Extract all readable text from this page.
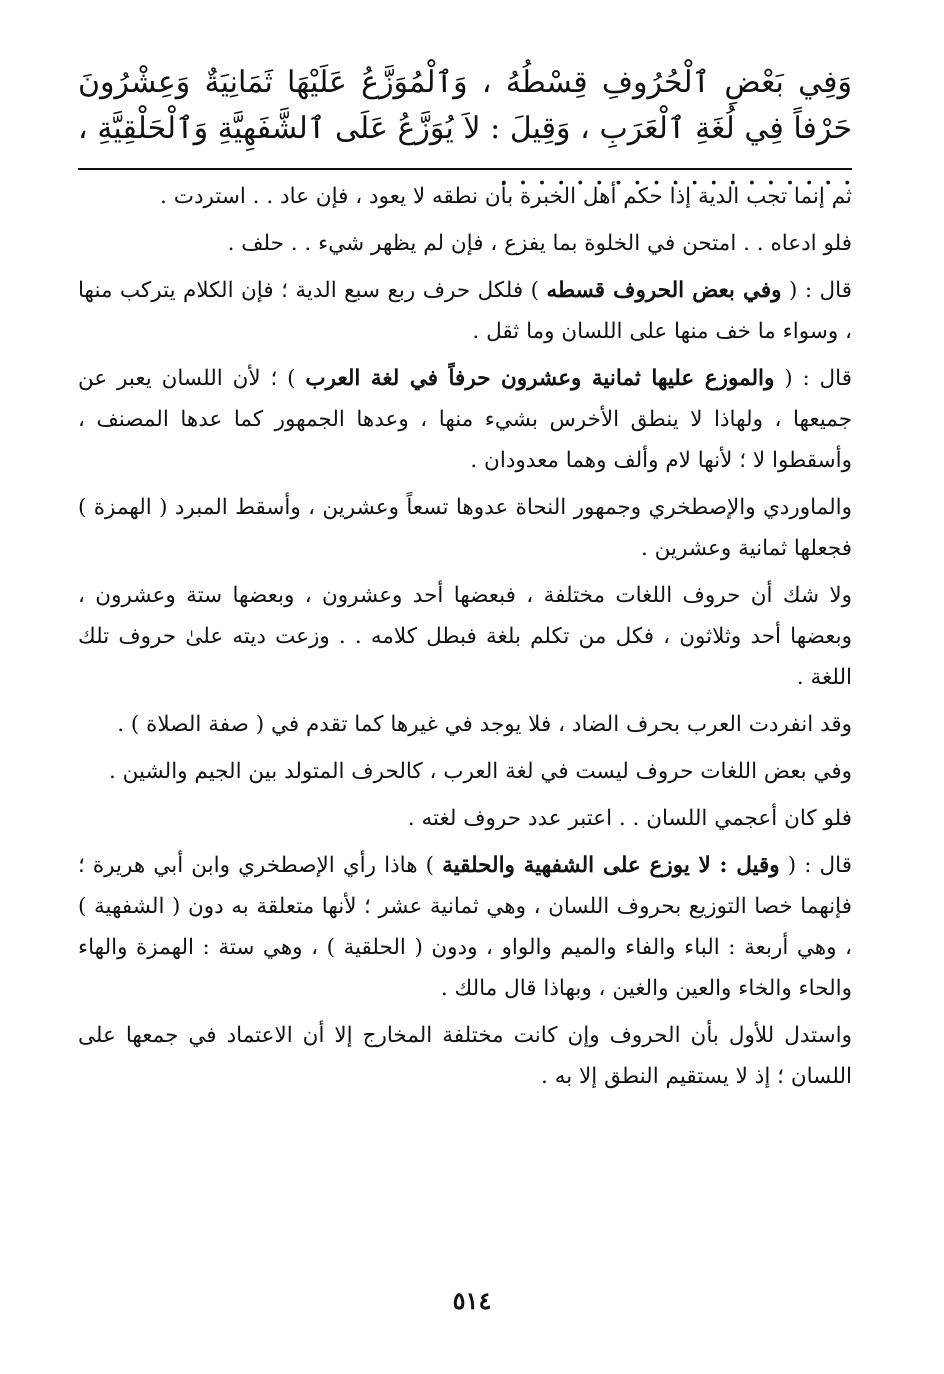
وَفِي بَعْضِ ٱلْحُرُوفِ قِسْطُهُ ، وَٱلْمُوَزَّعُ عَلَيْهَا ثَمَانِيَةٌ وَعِشْرُونَ حَرْفاً فِي لُغَةِ ٱلْعَرَبِ ، وَقِيلَ : لاَ يُوَزَّعُ عَلَى ٱلشَّفَهِيَّةِ وَٱلْحَلْقِيَّةِ ، . . . . . . . . . . . . . . . . . . .

ثم إنما تجب الدية إذا حكم أهل الخبرة بأن نطقه لا يعود ، فإن عاد . . استردت .

فلو ادعاه . . امتحن في الخلوة بما يفزع ، فإن لم يظهر شيء . . حلف .

قال : ( وفي بعض الحروف قسطه ) فلكل حرف ربع سبع الدية ؛ فإن الكلام يتركب منها ، وسواء ما خف منها على اللسان وما ثقل .

قال : ( والموزع عليها ثمانية وعشرون حرفاً في لغة العرب ) ؛ لأن اللسان يعبر عن جميعها ، ولهاذا لا ينطق الأخرس بشيء منها ، وعدها الجمهور كما عدها المصنف ، وأسقطوا لا ؛ لأنها لام وألف وهما معدودان .

والماوردي والإصطخري وجمهور النحاة عدوها تسعاً وعشرين ، وأسقط المبرد ( الهمزة ) فجعلها ثمانية وعشرين .

ولا شك أن حروف اللغات مختلفة ، فبعضها أحد وعشرون ، وبعضها ستة وعشرون ، وبعضها أحد وثلاثون ، فكل من تكلم بلغة فبطل كلامه . . وزعت ديته علىٰ حروف تلك اللغة .

وقد انفردت العرب بحرف الضاد ، فلا يوجد في غيرها كما تقدم في ( صفة الصلاة ) .

وفي بعض اللغات حروف ليست في لغة العرب ، كالحرف المتولد بين الجيم والشين .

فلو كان أعجمي اللسان . . اعتبر عدد حروف لغته .

قال : ( وقيل : لا يوزع على الشفهية والحلقية ) هاذا رأي الإصطخري وابن أبي هريرة ؛ فإنهما خصا التوزيع بحروف اللسان ، وهي ثمانية عشر ؛ لأنها متعلقة به دون ( الشفهية ) ، وهي أربعة : الباء والفاء والميم والواو ، ودون ( الحلقية ) ، وهي ستة : الهمزة والهاء والحاء والخاء والعين والغين ، وبهاذا قال مالك .

واستدل للأول بأن الحروف وإن كانت مختلفة المخارج إلا أن الاعتماد في جمعها على اللسان ؛ إذ لا يستقيم النطق إلا به .

٥١٤
